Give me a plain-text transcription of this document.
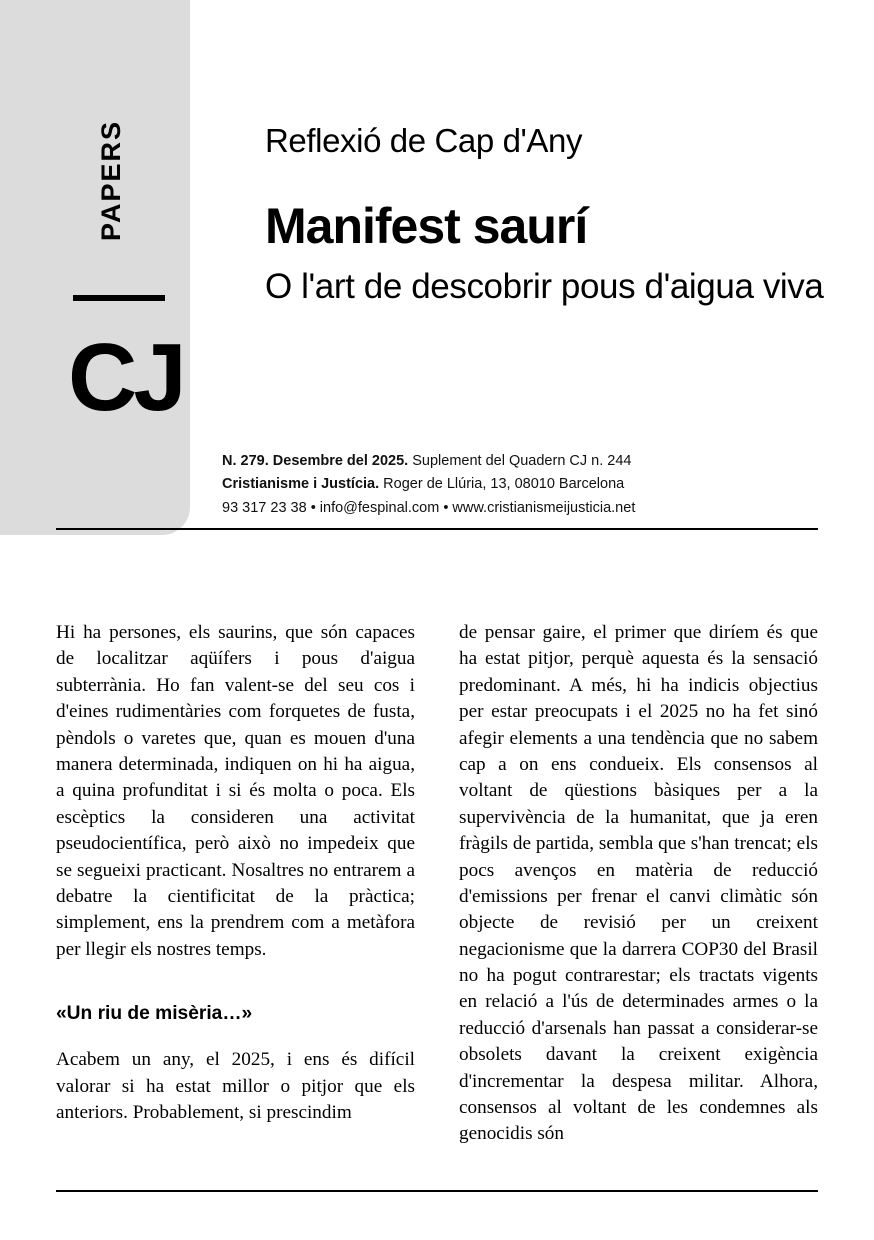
PAPERS
CJ
Reflexió de Cap d'Any
Manifest saurí
O l'art de descobrir pous d'aigua viva
N. 279. Desembre del 2025. Suplement del Quadern CJ n. 244
Cristianisme i Justícia. Roger de Llúria, 13, 08010 Barcelona
93 317 23 38 • info@fespinal.com • www.cristianismeijusticia.net

Hi ha persones, els saurins, que són capaces de localitzar aqüífers i pous d'aigua subterrània. Ho fan valent-se del seu cos i d'eines rudimentàries com forquetes de fusta, pèndols o varetes que, quan es mouen d'una manera determinada, indiquen on hi ha aigua, a quina profunditat i si és molta o poca. Els escèptics la consideren una activitat pseudocientífica, però això no impedeix que se segueixi practicant. Nosaltres no entrarem a debatre la cientificitat de la pràctica; simplement, ens la prendrem com a metàfora per llegir els nostres temps.

«Un riu de misèria…»

Acabem un any, el 2025, i ens és difícil valorar si ha estat millor o pitjor que els anteriors. Probablement, si prescindim

de pensar gaire, el primer que diríem és que ha estat pitjor, perquè aquesta és la sensació predominant. A més, hi ha indicis objectius per estar preocupats i el 2025 no ha fet sinó afegir elements a una tendència que no sabem cap a on ens condueix. Els consensos al voltant de qüestions bàsiques per a la supervivència de la humanitat, que ja eren fràgils de partida, sembla que s'han trencat; els pocs avenços en matèria de reducció d'emissions per frenar el canvi climàtic són objecte de revisió per un creixent negacionisme que la darrera COP30 del Brasil no ha pogut contrarestar; els tractats vigents en relació a l'ús de determinades armes o la reducció d'arsenals han passat a considerar-se obsolets davant la creixent exigència d'incrementar la despesa militar. Alhora, consensos al voltant de les condemnes als genocidis són
